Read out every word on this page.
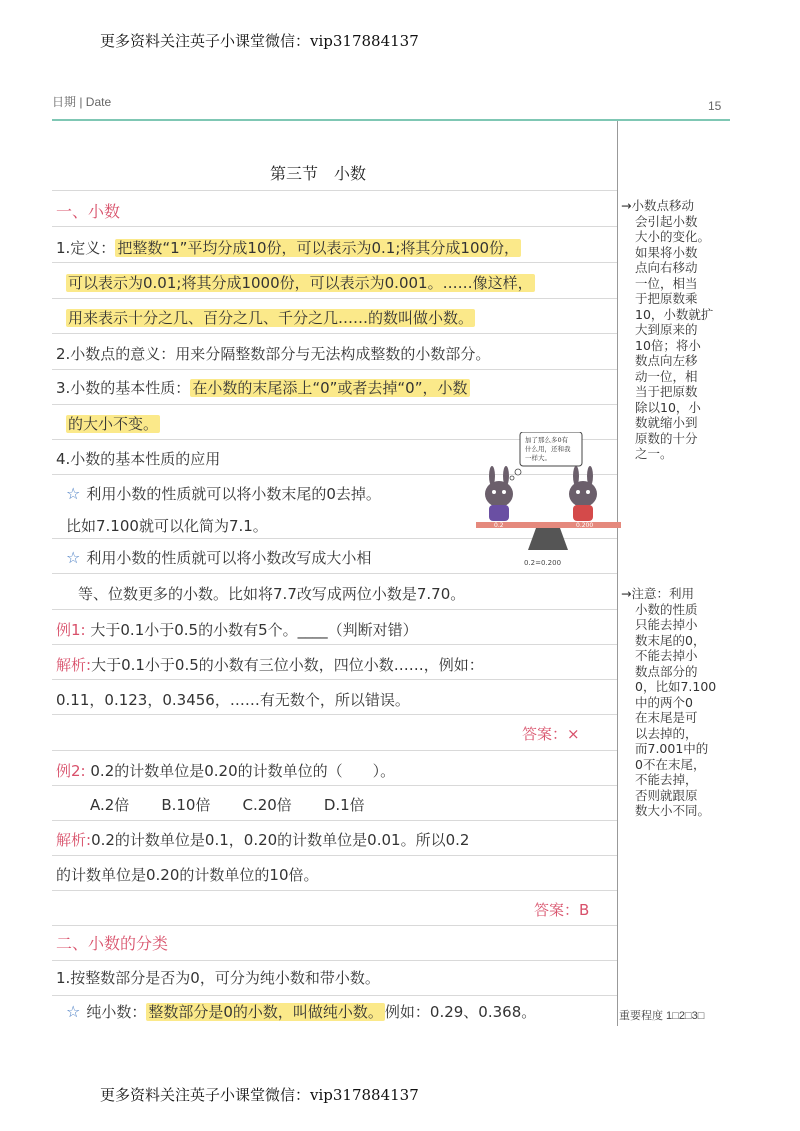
更多资料关注英子小课堂微信：vip317884137
更多资料关注英子小课堂微信：vip317884137
日期 | Date	15
第三节　小数
一、小数
1.定义： 把整数“1”平均分成10份，可以表示为0.1;将其分成100份，
可以表示为0.01;将其分成1000份，可以表示为0.001。……像这样，
用来表示十分之几、百分之几、千分之几……的数叫做小数。
2.小数点的意义：用来分隔整数部分与无法构成整数的小数部分。
3.小数的基本性质： 在小数的末尾添上“0”或者去掉“0”，小数
的大小不变。
4.小数的基本性质的应用
☆ 利用小数的性质就可以将小数末尾的0去掉。
比如7.100就可以化简为7.1。
☆ 利用小数的性质就可以将小数改写成大小相
等、位数更多的小数。比如将7.7改写成两位小数是7.70。
例1: 大于0.1小于0.5的小数有5个。____（判断对错）
解析:大于0.1小于0.5的小数有三位小数，四位小数……，例如：
0.11，0.123，0.3456，……有无数个，所以错误。
答案：×
例2: 0.2的计数单位是0.20的计数单位的（　　）。
A.2倍 B.10倍 C.20倍 D.1倍
解析:0.2的计数单位是0.1，0.20的计数单位是0.01。所以0.2
的计数单位是0.20的计数单位的10倍。
答案：B
二、小数的分类
1.按整数部分是否为0，可分为纯小数和带小数。
☆ 纯小数： 整数部分是0的小数，叫做纯小数。 例如：0.29、0.368。
→小数点移动
会引起小数
大小的变化。
如果将小数
点向右移动
一位，相当
于把原数乘
10，小数就扩
大到原来的
10倍；将小
数点向左移
动一位，相
当于把原数
除以10，小
数就缩小到
原数的十分
之一。
→注意：利用
小数的性质
只能去掉小
数末尾的0，
不能去掉小
数点部分的
0，比如7.100
中的两个0
在末尾是可
以去掉的，
而7.001中的
0不在末尾，
不能去掉，
否则就跟原
数大小不同。
加了那么多0有
什么用，还和我
一样大。
0.2	0.200
0.2=0.200
重要程度 1□2□3□
